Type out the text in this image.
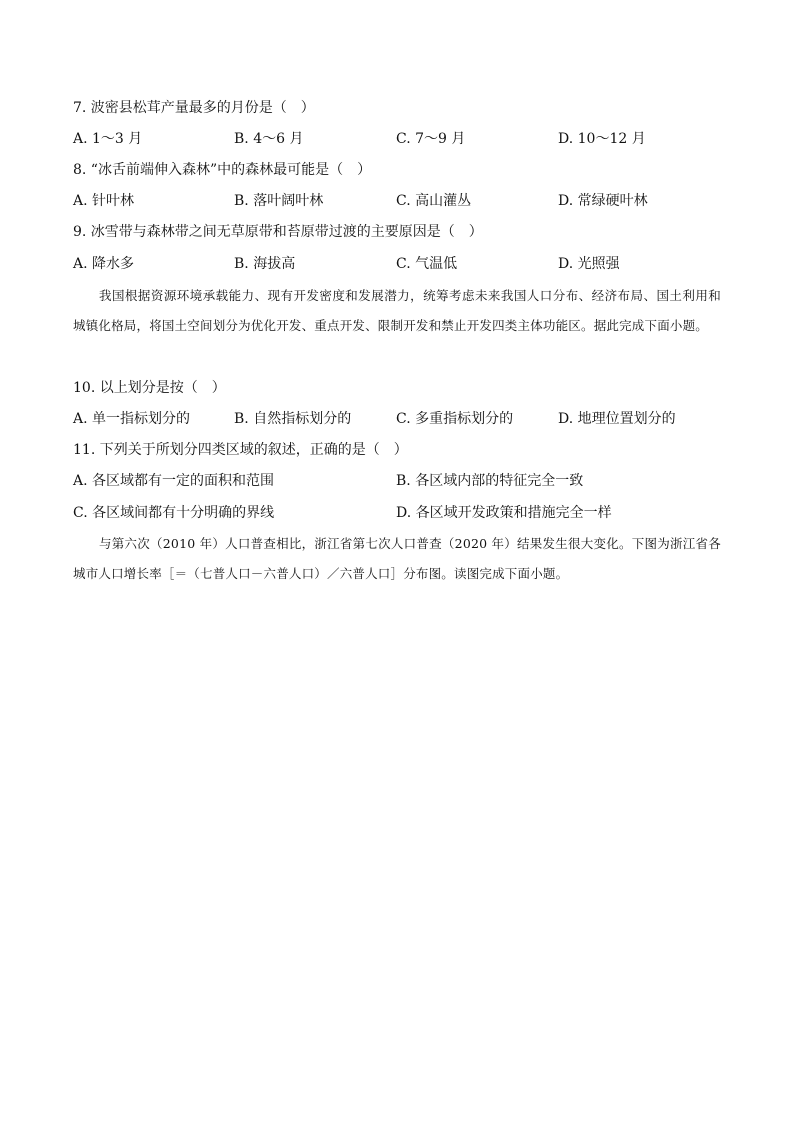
7. 波密县松茸产量最多的月份是（　）
A. 1～3 月	B. 4～6 月	C. 7～9 月	D. 10～12 月
8. “冰舌前端伸入森林”中的森林最可能是（　）
A. 针叶林	B. 落叶阔叶林	C. 高山灌丛	D. 常绿硬叶林
9. 冰雪带与森林带之间无草原带和苔原带过渡的主要原因是（　）
A. 降水多	B. 海拔高	C. 气温低	D. 光照强
我国根据资源环境承载能力、现有开发密度和发展潜力，统筹考虑未来我国人口分布、经济布局、国土利用和城镇化格局，将国土空间划分为优化开发、重点开发、限制开发和禁止开发四类主体功能区。据此完成下面小题。
10. 以上划分是按（　）
A. 单一指标划分的	B. 自然指标划分的	C. 多重指标划分的	D. 地理位置划分的
11. 下列关于所划分四类区域的叙述，正确的是（　）
A. 各区域都有一定的面积和范围	B. 各区域内部的特征完全一致
C. 各区域间都有十分明确的界线	D. 各区域开发政策和措施完全一样
与第六次（2010 年）人口普查相比，浙江省第七次人口普查（2020 年）结果发生很大变化。下图为浙江省各城市人口增长率［＝（七普人口－六普人口）／六普人口］分布图。读图完成下面小题。
